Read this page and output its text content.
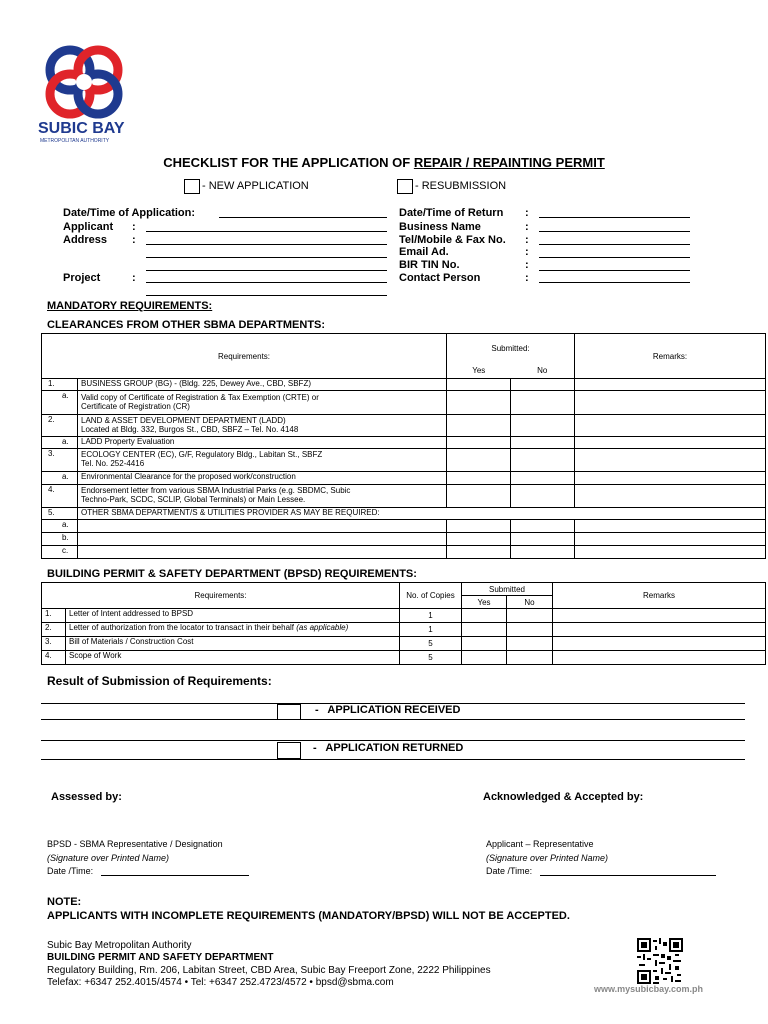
SUBIC BAY
METROPOLITAN AUTHORITY
CHECKLIST FOR THE APPLICATION OF REPAIR / REPAINTING PERMIT
- NEW APPLICATION	- RESUBMISSION
Date/Time of Application:
Applicant :
Address :
Project	:
Date/Time of Return :
Business Name	:
Tel/Mobile & Fax No. :
Email Ad.	:
BIR TIN No.	:
Contact Person	:
MANDATORY REQUIREMENTS:
CLEARANCES FROM OTHER SBMA DEPARTMENTS:
Requirements:		Submitted:		Remarks:
		Yes	No	
1.	BUSINESS GROUP (BG) - (Bldg. 225, Dewey Ave., CBD, SBFZ)			
a.	Valid copy of Certificate of Registration & Tax Exemption (CRTE) or
Certificate of Registration (CR)			

2.	LAND & ASSET DEVELOPMENT DEPARTMENT (LADD)
Located at Bldg. 332, Burgos St., CBD, SBFZ – Tel. No. 4148			

a.	LADD Property Evaluation			
3.	ECOLOGY CENTER (EC), G/F, Regulatory Bldg., Labitan St., SBFZ
Tel. No. 252-4416			

a.	Environmental Clearance for the proposed work/construction			
4.	Endorsement letter from various SBMA Industrial Parks (e.g. SBDMC, Subic
Techno-Park, SCDC, SCLIP, Global Terminals) or Main Lessee.			

5.	OTHER SBMA DEPARTMENT/S & UTILITIES PROVIDER AS MAY BE REQUIRED:			
a.				
b.				
c.				
BUILDING PERMIT & SAFETY DEPARTMENT (BPSD) REQUIREMENTS:
Requirements:		No. of Copies	Submitted		Remarks
			Yes	No	
1.	Letter of Intent addressed to BPSD	1			
2.	Letter of authorization from the locator to transact in their behalf (as applicable)	1			
3.	Bill of Materials / Construction Cost	5			
4.	Scope of Work	5			
Result of Submission of Requirements:
-   APPLICATION RECEIVED
-   APPLICATION RETURNED
Assessed by:	Acknowledged & Accepted by:
BPSD - SBMA Representative / Designation
(Signature over Printed Name)
Date /Time:
Applicant – Representative
(Signature over Printed Name)
Date /Time:
NOTE:
APPLICANTS WITH INCOMPLETE REQUIREMENTS (MANDATORY/BPSD) WILL NOT BE ACCEPTED.
Subic Bay Metropolitan Authority
BUILDING PERMIT AND SAFETY DEPARTMENT
Regulatory Building, Rm. 206, Labitan Street, CBD Area, Subic Bay Freeport Zone, 2222 Philippines
Telefax: +6347 252.4015/4574 • Tel: +6347 252.4723/4572 • bpsd@sbma.com
www.mysubicbay.com.ph
